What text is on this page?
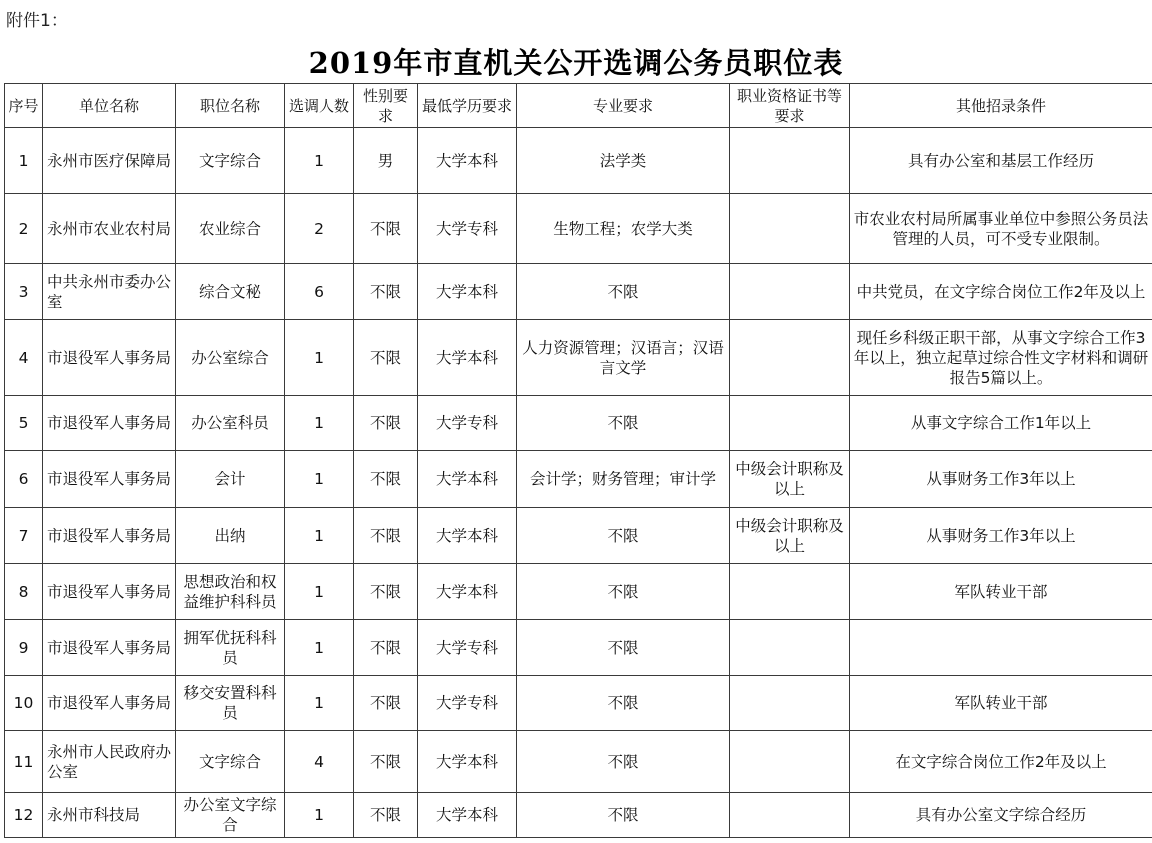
附件1：
2019年市直机关公开选调公务员职位表
序号	单位名称	职位名称	选调人数	性别要求	最低学历要求	专业要求	职业资格证书等要求	其他招录条件
1	永州市医疗保障局	文字综合	1	男	大学本科	法学类		具有办公室和基层工作经历
2	永州市农业农村局	农业综合	2	不限	大学专科	生物工程；农学大类		市农业农村局所属事业单位中参照公务员法管理的人员，可不受专业限制。
3	中共永州市委办公室	综合文秘	6	不限	大学本科	不限		中共党员，在文字综合岗位工作2年及以上
4	市退役军人事务局	办公室综合	1	不限	大学本科	人力资源管理；汉语言；汉语言文学		现任乡科级正职干部，从事文字综合工作3年以上，独立起草过综合性文字材料和调研报告5篇以上。
5	市退役军人事务局	办公室科员	1	不限	大学专科	不限		从事文字综合工作1年以上
6	市退役军人事务局	会计	1	不限	大学本科	会计学；财务管理；审计学	中级会计职称及以上	从事财务工作3年以上
7	市退役军人事务局	出纳	1	不限	大学本科	不限	中级会计职称及以上	从事财务工作3年以上
8	市退役军人事务局	思想政治和权益维护科科员	1	不限	大学本科	不限		军队转业干部
9	市退役军人事务局	拥军优抚科科员	1	不限	大学专科	不限		
10	市退役军人事务局	移交安置科科员	1	不限	大学专科	不限		军队转业干部
11	永州市人民政府办公室	文字综合	4	不限	大学本科	不限		在文字综合岗位工作2年及以上
12	永州市科技局	办公室文字综合	1	不限	大学本科	不限		具有办公室文字综合经历
